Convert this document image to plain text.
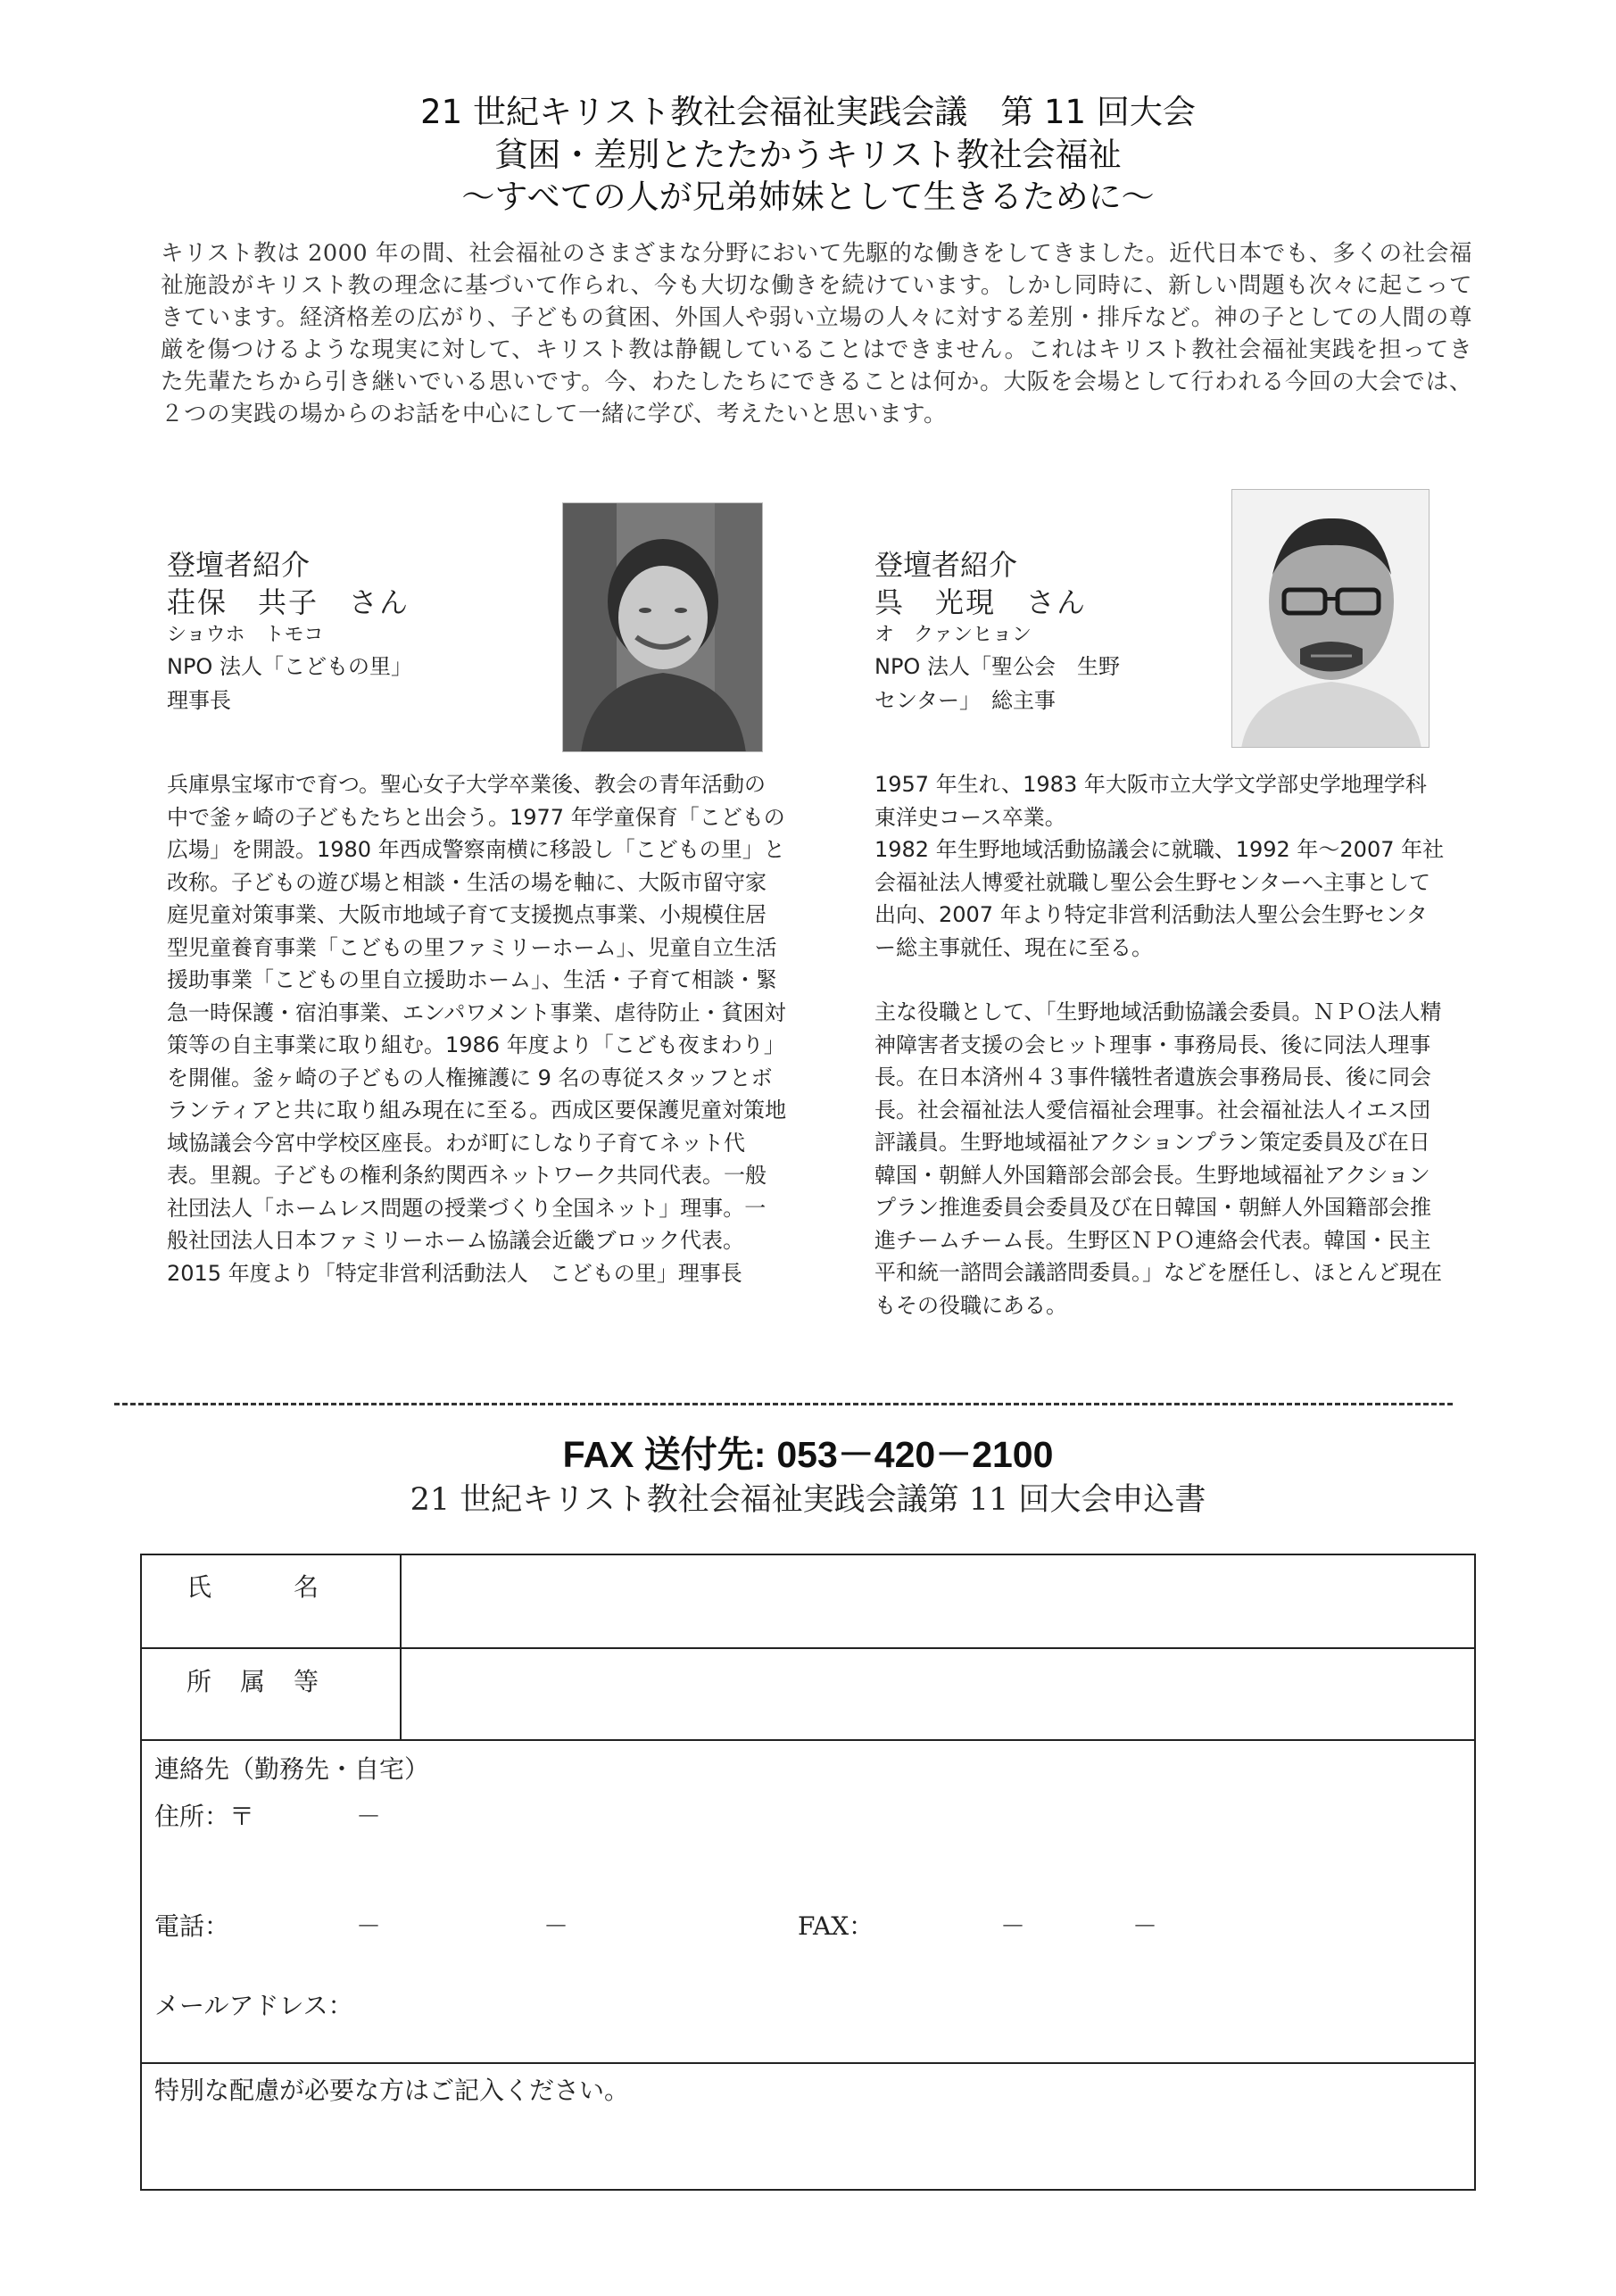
21 世紀キリスト教社会福祉実践会議　第 11 回大会
貧困・差別とたたかうキリスト教社会福祉
～すべての人が兄弟姉妹として生きるために～

キリスト教は 2000 年の間、社会福祉のさまざまな分野において先駆的な働きをしてきました。近代日本でも、多くの社会福祉施設がキリスト教の理念に基づいて作られ、今も大切な働きを続けています。しかし同時に、新しい問題も次々に起こってきています。経済格差の広がり、子どもの貧困、外国人や弱い立場の人々に対する差別・排斥など。神の子としての人間の尊厳を傷つけるような現実に対して、キリスト教は静観していることはできません。これはキリスト教社会福祉実践を担ってきた先輩たちから引き継いでいる思いです。今、わたしたちにできることは何か。大阪を会場として行われる今回の大会では、２つの実践の場からのお話を中心にして一緒に学び、考えたいと思います。

登壇者紹介
荘保　共子　さん
ショウホ　トモコ
NPO 法人「こどもの里」
理事長

兵庫県宝塚市で育つ。聖心女子大学卒業後、教会の青年活動の中で釜ヶ崎の子どもたちと出会う。1977 年学童保育「こどもの広場」を開設。1980 年西成警察南横に移設し「こどもの里」と改称。子どもの遊び場と相談・生活の場を軸に、大阪市留守家庭児童対策事業、大阪市地域子育て支援拠点事業、小規模住居型児童養育事業「こどもの里ファミリーホーム」、児童自立生活援助事業「こどもの里自立援助ホーム」、生活・子育て相談・緊急一時保護・宿泊事業、エンパワメント事業、虐待防止・貧困対策等の自主事業に取り組む。1986 年度より「こども夜まわり」を開催。釜ヶ崎の子どもの人権擁護に 9 名の専従スタッフとボランティアと共に取り組み現在に至る。西成区要保護児童対策地域協議会今宮中学校区座長。わが町にしなり子育てネット代表。里親。子どもの権利条約関西ネットワーク共同代表。一般社団法人「ホームレス問題の授業づくり全国ネット」理事。一般社団法人日本ファミリーホーム協議会近畿ブロック代表。2015 年度より「特定非営利活動法人　こどもの里」理事長

登壇者紹介
呉　光現　さん
オ　クァンヒョン
NPO 法人「聖公会　生野
センター」　総主事

1957 年生れ、1983 年大阪市立大学文学部史学地理学科東洋史コース卒業。

1982 年生野地域活動協議会に就職、1992 年～2007 年社会福祉法人博愛社就職し聖公会生野センターへ主事として出向、2007 年より特定非営利活動法人聖公会生野センター総主事就任、現在に至る。

主な役職として、「生野地域活動協議会委員。ＮＰＯ法人精神障害者支援の会ヒット理事・事務局長、後に同法人理事長。在日本済州４３事件犠牲者遺族会事務局長、後に同会長。社会福祉法人愛信福祉会理事。社会福祉法人イエス団評議員。生野地域福祉アクションプラン策定委員及び在日韓国・朝鮮人外国籍部会部会長。生野地域福祉アクションプラン推進委員会委員及び在日韓国・朝鮮人外国籍部会推進チームチーム長。生野区ＮＰＯ連絡会代表。韓国・民主平和統一諮問会議諮問委員。」などを歴任し、ほとんど現在もその役職にある。

FAX 送付先: 053－420－2100
21 世紀キリスト教社会福祉実践会議第 11 回大会申込書
氏　　　名
所　属　等
連絡先（勤務先・自宅）
住所：〒	－
電話：	－	－	FAX：	－	－
メールアドレス：
特別な配慮が必要な方はご記入ください。
